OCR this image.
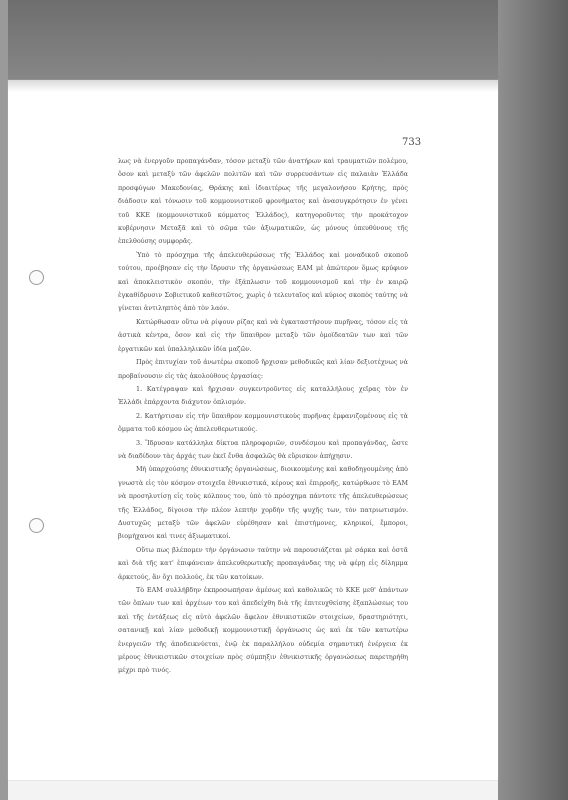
733

λως νὰ ἐνεργοῦν προπαγάνδαν, τόσον μεταξὺ τῶν ἀνατήρων καὶ τραυματιῶν πολέμου, ὅσον καὶ μεταξὺ τῶν ἀφελῶν πολιτῶν καὶ τῶν συρρευσάντων εἰς παλαιὰν Ἑλλάδα προσφύγων Μακεδονίας, Θράκης καὶ ἰδιαιτέρως τῆς μεγαλονήσου Κρήτης, πρὸς διάδοσιν καὶ τόνωσιν τοῦ κομμουνιστικοῦ φρονήματος καὶ ἀνασυγκρότησιν ἐν γένει τοῦ ΚΚΕ (κομμουνιστικοῦ κόμματος Ἑλλάδος), κατηγοροῦντες τὴν προκάτοχον κυβέρνησιν Μεταξᾶ καὶ τὸ σῶμα τῶν ἀξιωματικῶν, ὡς μόνους ὑπευθύνους τῆς ἐπελθούσης συμφορᾶς.

Ὑπὸ τὸ πρόσχημα τῆς ἀπελευθερώσεως τῆς Ἑλλάδος καὶ μοναδικοῦ σκοποῦ τούτου, προέβησαν εἰς τὴν ἵδρυσιν τῆς ὀργανώσεως ΕΑΜ μὲ ἀπώτερον ὅμως κρύφιον καὶ ἀποκλειστικὸν σκοπόν, τὴν ἐξάπλωσιν τοῦ κομμουνισμοῦ καὶ τὴν ἐν καιρῷ ἐγκαθίδρυσιν Σοβιετικοῦ καθεστῶτος, χωρὶς ὁ τελευταῖος καὶ κύριος σκοπὸς ταύτης νὰ γίνεται ἀντιληπτὸς ἀπὸ τὸν λαόν.

Κατώρθωσαν οὕτω νὰ ρίψουν ρίζας καὶ νὰ ἐγκαταστήσουν πυρῆνας, τόσον εἰς τὰ ἀστικὰ κέντρα, ὅσον καὶ εἰς τὴν ὕπαιθρον μεταξὺ τῶν ὁμοϊδεατῶν των καὶ τῶν ἐργατικῶν καὶ ὑπαλληλικῶν ἰδία μαζῶν.

Πρὸς ἐπιτυχίαν τοῦ ἀνωτέρω σκοποῦ ἤρχισαν μεθοδικῶς καὶ λίαν δεξιοτέχνως νὰ προβαίνουσιν εἰς τὰς ἀκολούθους ἐργασίας:

1. Κατέγραψαν καὶ ἤρχισαν συγκεντροῦντες εἰς καταλλήλους χεῖρας τὸν ἐν Ἑλλάδι ἐπάρχοντα διάχυτον ὁπλισμόν.

2. Κατήρτισαν εἰς τὴν ὕπαιθρον κομμουνιστικοὺς πυρῆνας ἐμφανιζομένους εἰς τὰ ὄμματα τοῦ κόσμου ὡς ἀπελευθερωτικούς.

3. Ἵδρυσαν κατάλληλα δίκτυα πληροφοριῶν, συνδέσμου καὶ προπαγάνδας, ὥστε νὰ διαδίδουν τὰς ἀρχάς των ἐκεῖ ἔνθα ἀσφαλῶς θὰ εὕρισκον ἀπήχησιν.

Μὴ ὑπαρχούσης ἐθνικιστικῆς ὀργανώσεως, διοικουμένης καὶ καθοδηγουμένης ἀπὸ γνωστὰ εἰς τὸν κόσμον στοιχεῖα ἐθνικιστικά, κέρους καὶ ἐπιρροῆς, κατώρθωσε τὸ ΕΑΜ νὰ προσηλυτίσῃ εἰς τοὺς κόλπους του, ὑπὸ τὸ πρόσχημα πάντοτε τῆς ἀπελευθερώσεως τῆς Ἑλλάδος, δίγοισα τὴν πλέον λεπτὴν χορδὴν τῆς ψυχῆς των, τὸν πατριωτισμόν. Δυστυχῶς μεταξὺ τῶν ἀφελῶν εὑρέθησαν καὶ ἐπιστήμονες, κληρικοί, ἔμποροι, βιομήχανοι καὶ τινες ἀξιωματικοί.

Οὕτω πως βλέπομεν τὴν ὀργάνωσιν ταύτην νὰ παρουσιάζεται μὲ σάρκα καὶ ὀστᾶ καὶ διὰ τῆς κατ' ἐπιφάνειαν ἀπελευθερωτικῆς προπαγάνδας της νὰ φέρῃ εἰς δίλημμα ἀρκετούς, ἂν ὄχι πολλούς, ἐκ τῶν κατοίκων.

Τὸ ΕΑΜ συλλήβδην ἐκπροσωπήσαν ἀμέσως καὶ καθολικῶς τὸ ΚΚΕ μεθ' ἁπάντων τῶν ὅπλων των καὶ ἀρχέιων του καὶ ἀπεδείχθη διὰ τῆς ἐπιτευχθείσης ἐξαπλώσεως του καὶ τῆς ἐντάξεως εἰς αὐτὸ ἀφελῶν ἄφελον ἐθνικιστικῶν στοιχείων, δραστηριότητι, σατανικῇ καὶ λίαν μεθοδικῇ κομμουνιστικῇ ὀργάνωσις ὡς καὶ ἐκ τῶν κατωτέρω ἐνεργειῶν τῆς ἀποδεικνύεται, ἐνῷ ἐκ παραλλήλου οὐδεμία σημαντικὴ ἐνέργεια ἐκ μέρους ἐθνικιστικῶν στοιχείων πρὸς σύμπηξιν ἐθνικιστικῆς ὀργανώσεως παρετηρήθη μέχρι πρὸ τινός.
